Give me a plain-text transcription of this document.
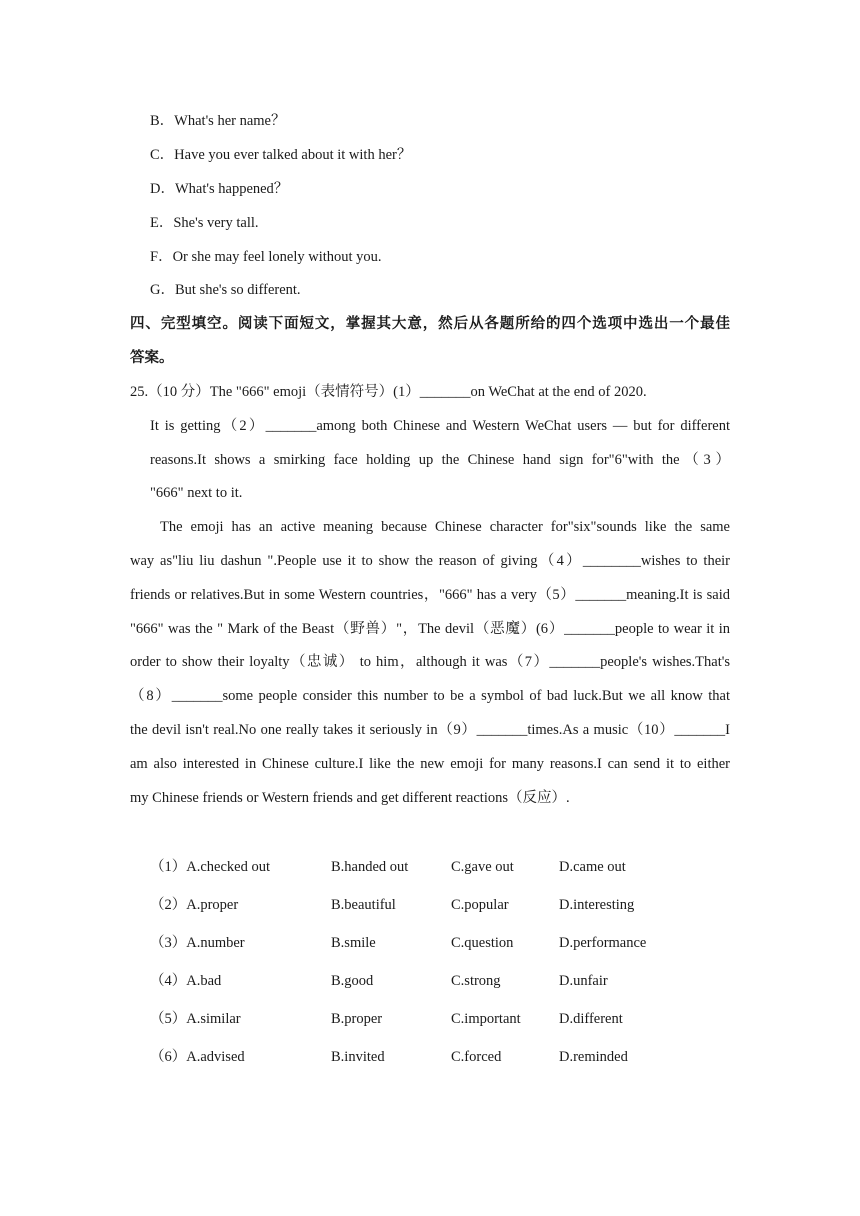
B．What's her name？
C．Have you ever talked about it with her？
D．What's happened？
E．She's very tall.
F．Or she may feel lonely without you.
G．But she's so different.
四、完型填空。阅读下面短文，掌握其大意，然后从各题所给的四个选项中选出一个最佳
答案。
25.（10 分）The "666" emoji（表情符号）(1）_______on WeChat at the end of 2020.
It is getting（2）_______among both Chinese and Western WeChat users — but for different
reasons.It shows a smirking face holding up the Chinese hand sign for"6"with the（3）
"666" next to it.
The emoji has an active meaning because Chinese character for"six"sounds like the same
way as"liu liu dashun ".People use it to show the reason of giving（4）________wishes to their
friends or relatives.But in some Western countries，"666" has a very（5）_______meaning.It is said
"666" was the " Mark of the Beast（野兽）"，The devil（恶魔）(6）_______people to wear it in
order to show their loyalty（忠诚） to him，although it was（7）_______people's wishes.That's
（8）_______some people consider this number to be a symbol of bad luck.But we all know that
the devil isn't real.No one really takes it seriously in（9）_______times.As a music（10）_______I
am also interested in Chinese culture.I like the new emoji for many reasons.I can send it to either
my Chinese friends or Western friends and get different reactions（反应）.
（1）A.checked out	B.handed out	C.gave out	D.came out
（2）A.proper	B.beautiful	C.popular	D.interesting
（3）A.number	B.smile	C.question	D.performance
（4）A.bad	B.good	C.strong	D.unfair
（5）A.similar	B.proper	C.important	D.different
（6）A.advised	B.invited	C.forced	D.reminded
